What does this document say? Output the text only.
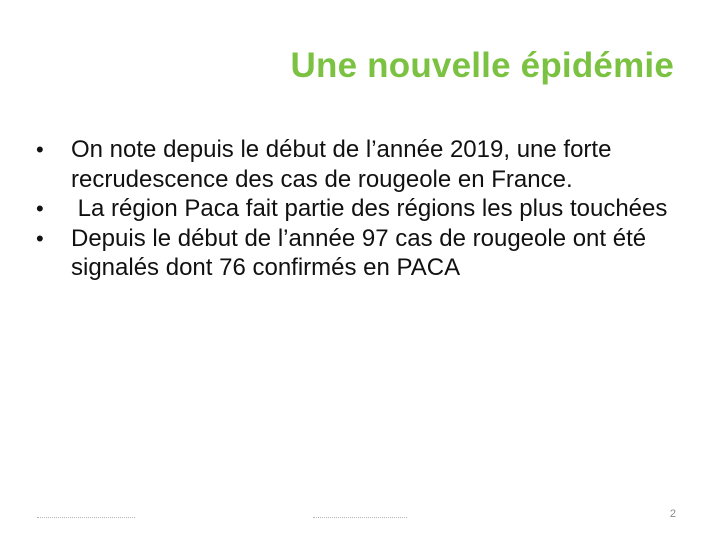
Une nouvelle épidémie
•	On note depuis le début de l’année 2019, une forte recrudescence des cas de rougeole en France.
•	La région Paca fait partie des régions les plus touchées
•	Depuis le début de l’année 97 cas de rougeole ont été signalés dont 76 confirmés en PACA
2
